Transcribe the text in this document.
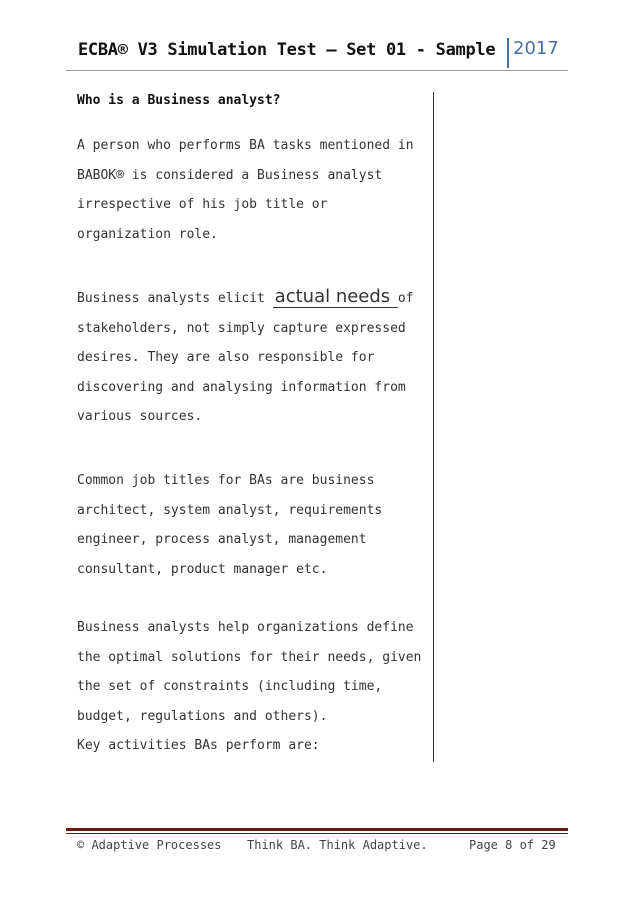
ECBA® V3 Simulation Test – Set 01 - Sample 2017
Who is a Business analyst?

A person who performs BA tasks mentioned in BABOK® is considered a Business analyst irrespective of his job title or organization role.

Business analysts elicit actual needs of stakeholders, not simply capture expressed desires. They are also responsible for discovering and analysing information from various sources.

Common job titles for BAs are business architect, system analyst, requirements engineer, process analyst, management consultant, product manager etc.

Business analysts help organizations define the optimal solutions for their needs, given the set of constraints (including time, budget, regulations and others).

Key activities BAs perform are:

© Adaptive Processes Think BA. Think Adaptive.	Page 8 of 29
